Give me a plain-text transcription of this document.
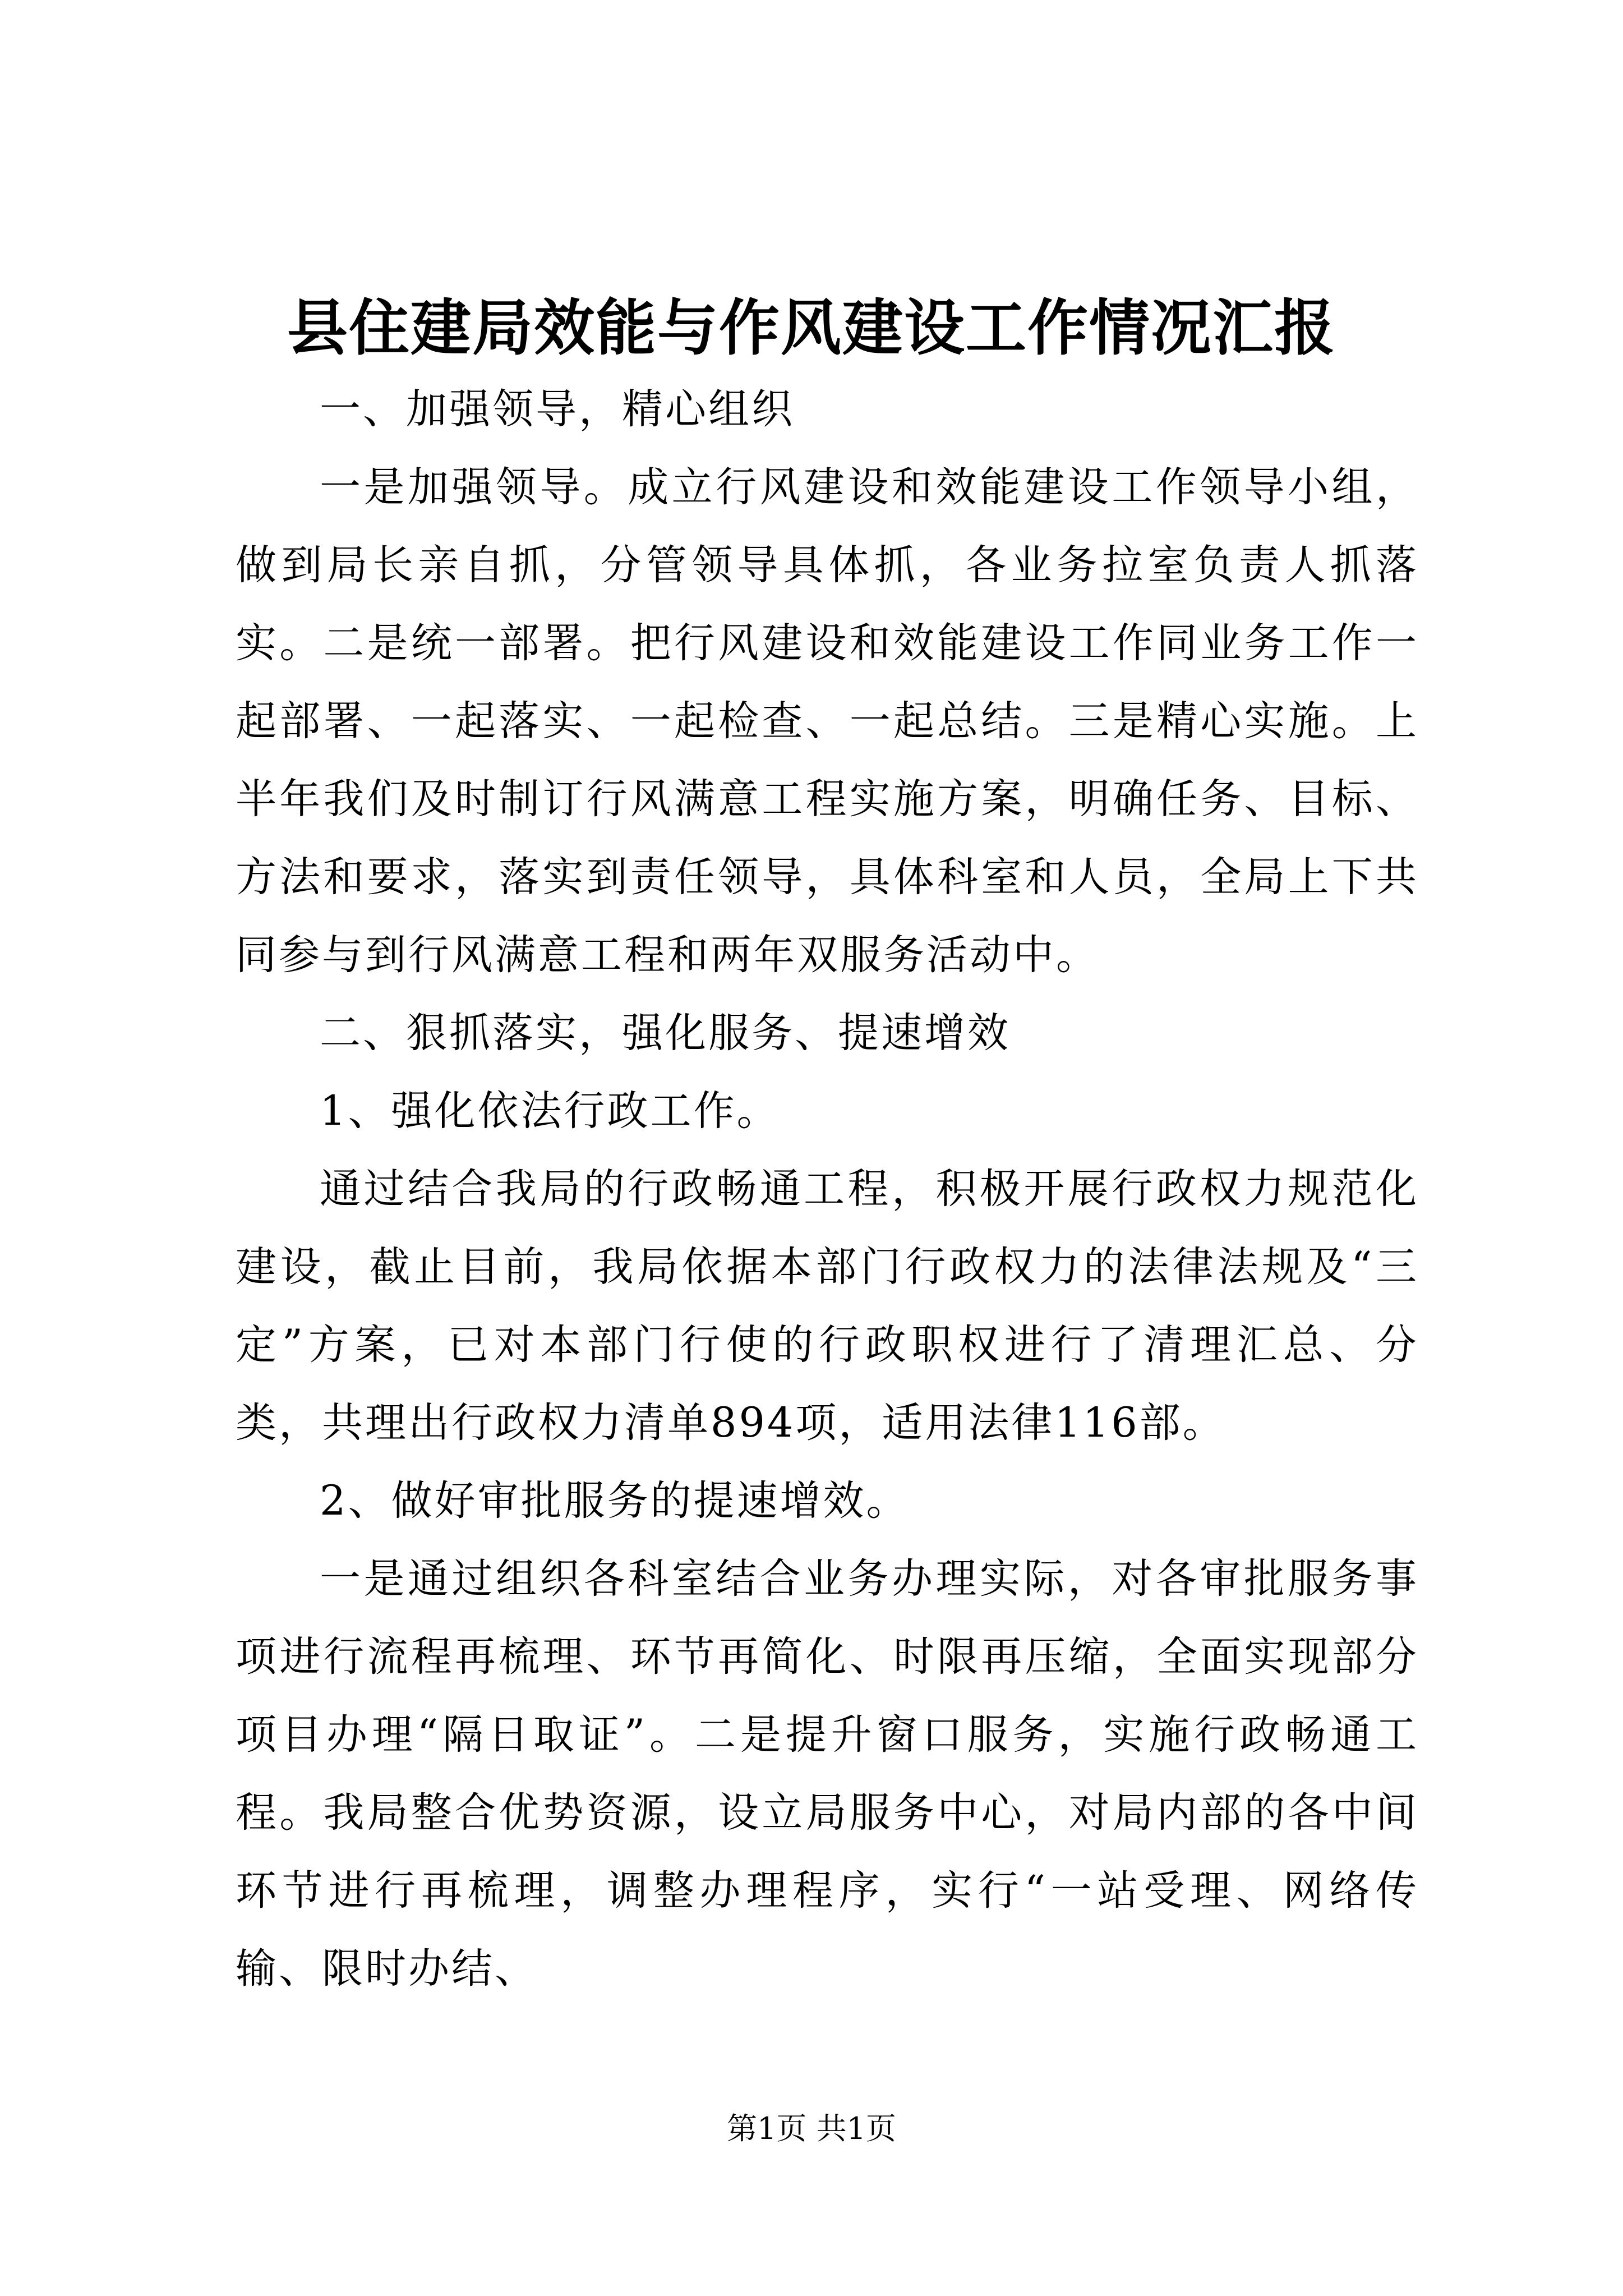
县住建局效能与作风建设工作情况汇报

一、加强领导，精心组织

一是加强领导。成立行风建设和效能建设工作领导小组，做到局长亲自抓，分管领导具体抓，各业务拉室负责人抓落实。二是统一部署。把行风建设和效能建设工作同业务工作一起部署、一起落实、一起检查、一起总结。三是精心实施。上半年我们及时制订行风满意工程实施方案，明确任务、目标、方法和要求，落实到责任领导，具体科室和人员，全局上下共同参与到行风满意工程和两年双服务活动中。

二、狠抓落实，强化服务、提速增效

1、强化依法行政工作。

通过结合我局的行政畅通工程，积极开展行政权力规范化建设，截止目前，我局依据本部门行政权力的法律法规及“三定”方案，已对本部门行使的行政职权进行了清理汇总、分类，共理出行政权力清单894项，适用法律116部。

2、做好审批服务的提速增效。

一是通过组织各科室结合业务办理实际，对各审批服务事项进行流程再梳理、环节再简化、时限再压缩，全面实现部分项目办理“隔日取证”。二是提升窗口服务，实施行政畅通工程。我局整合优势资源，设立局服务中心，对局内部的各中间环节进行再梳理，调整办理程序，实行“一站受理、网络传输、限时办结、

第1页 共1页
